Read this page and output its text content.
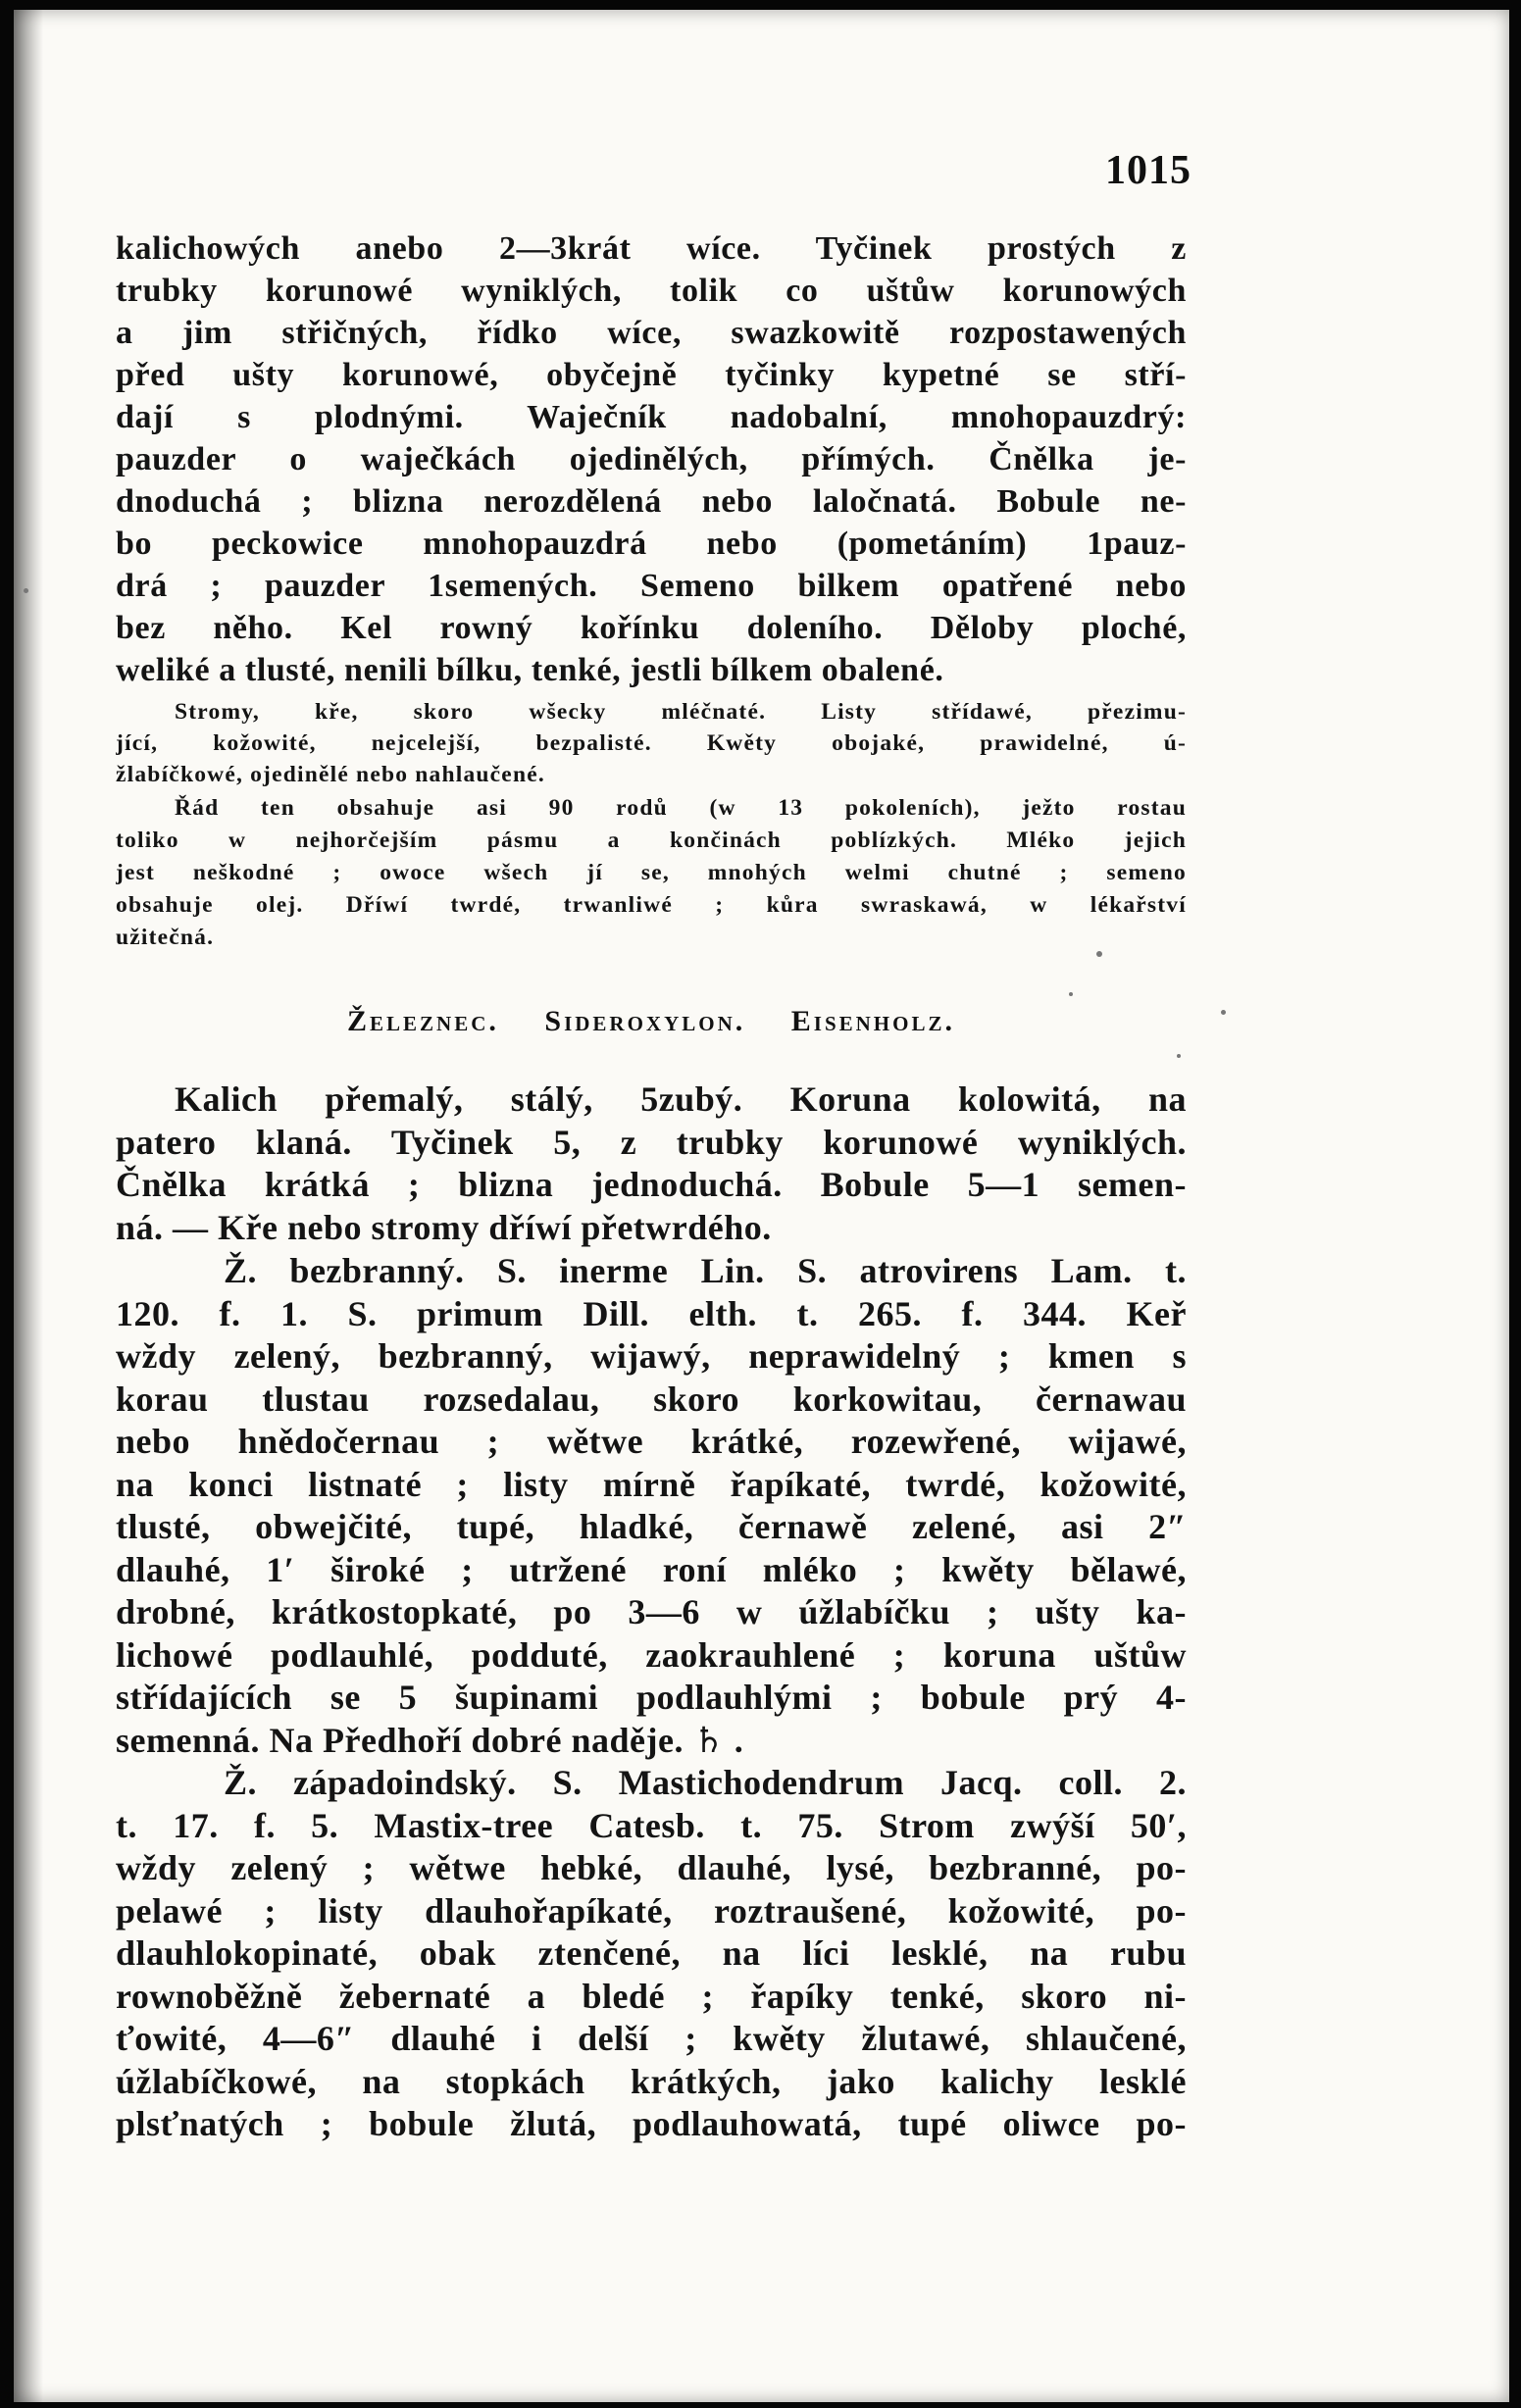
1015
kalichowých anebo 2—3krát wíce. Tyčinek prostých z
trubky korunowé wyniklých, tolik co uštůw korunowých
a jim střičných, řídko wíce, swazkowitě rozpostawených
před ušty korunowé, obyčejně tyčinky kypetné se stří-
dají s plodnými. Waječník nadobalní, mnohopauzdrý:
pauzder o waječkách ojedinělých, přímých. Čnělka je-
dnoduchá ; blizna nerozdělená nebo laločnatá. Bobule ne-
bo peckowice mnohopauzdrá nebo (pometáním) 1pauz-
drá ; pauzder 1semených. Semeno bilkem opatřené nebo
bez něho. Kel rowný kořínku doleního. Děloby ploché,
weliké a tlusté, nenili bílku, tenké, jestli bílkem obalené.
Stromy, kře, skoro wšecky mléčnaté. Listy střídawé, přezimu-
jící, kožowité, nejcelejší, bezpalisté. Kwěty obojaké, prawidelné, ú-
žlabíčkowé, ojedinělé nebo nahlaučené.
Řád ten obsahuje asi 90 rodů (w 13 pokoleních), ježto rostau
toliko w nejhorčejším pásmu a končinách poblízkých. Mléko jejich
jest neškodné ; owoce wšech jí se, mnohých welmi chutné ; semeno
obsahuje olej. Dříwí twrdé, trwanliwé ; kůra swraskawá, w lékařství
užitečná.
Železnec. Sideroxylon. Eisenholz.
Kalich přemalý, stálý, 5zubý. Koruna kolowitá, na
patero klaná. Tyčinek 5, z trubky korunowé wyniklých.
Čnělka krátká ; blizna jednoduchá. Bobule 5—1 semen-
ná. — Kře nebo stromy dříwí přetwrdého.
Ž. bezbranný. S. inerme Lin. S. atrovirens Lam. t.
120. f. 1. S. primum Dill. elth. t. 265. f. 344. Keř
wždy zelený, bezbranný, wijawý, neprawidelný ; kmen s
korau tlustau rozsedalau, skoro korkowitau, černawau
nebo hnědočernau ; wětwe krátké, rozewřené, wijawé,
na konci listnaté ; listy mírně řapíkaté, twrdé, kožowité,
tlusté, obwejčité, tupé, hladké, černawě zelené, asi 2″
dlauhé, 1′ široké ; utržené roní mléko ; kwěty bělawé,
drobné, krátkostopkaté, po 3—6 w úžlabíčku ; ušty ka-
lichowé podlauhlé, podduté, zaokrauhlené ; koruna uštůw
střídajících se 5 šupinami podlauhlými ; bobule prý 4-
semenná. Na Předhoří dobré naděje. ♄ .
Ž. západoindský. S. Mastichodendrum Jacq. coll. 2.
t. 17. f. 5. Mastix-tree Catesb. t. 75. Strom zwýší 50′,
wždy zelený ; wětwe hebké, dlauhé, lysé, bezbranné, po-
pelawé ; listy dlauhořapíkaté, roztraušené, kožowité, po-
dlauhlokopinaté, obak ztenčené, na líci lesklé, na rubu
rownoběžně žebernaté a bledé ; řapíky tenké, skoro ni-
ťowité, 4—6″ dlauhé i delší ; kwěty žlutawé, shlaučené,
úžlabíčkowé, na stopkách krátkých, jako kalichy lesklé
plsťnatých ; bobule žlutá, podlauhowatá, tupé oliwce po-
